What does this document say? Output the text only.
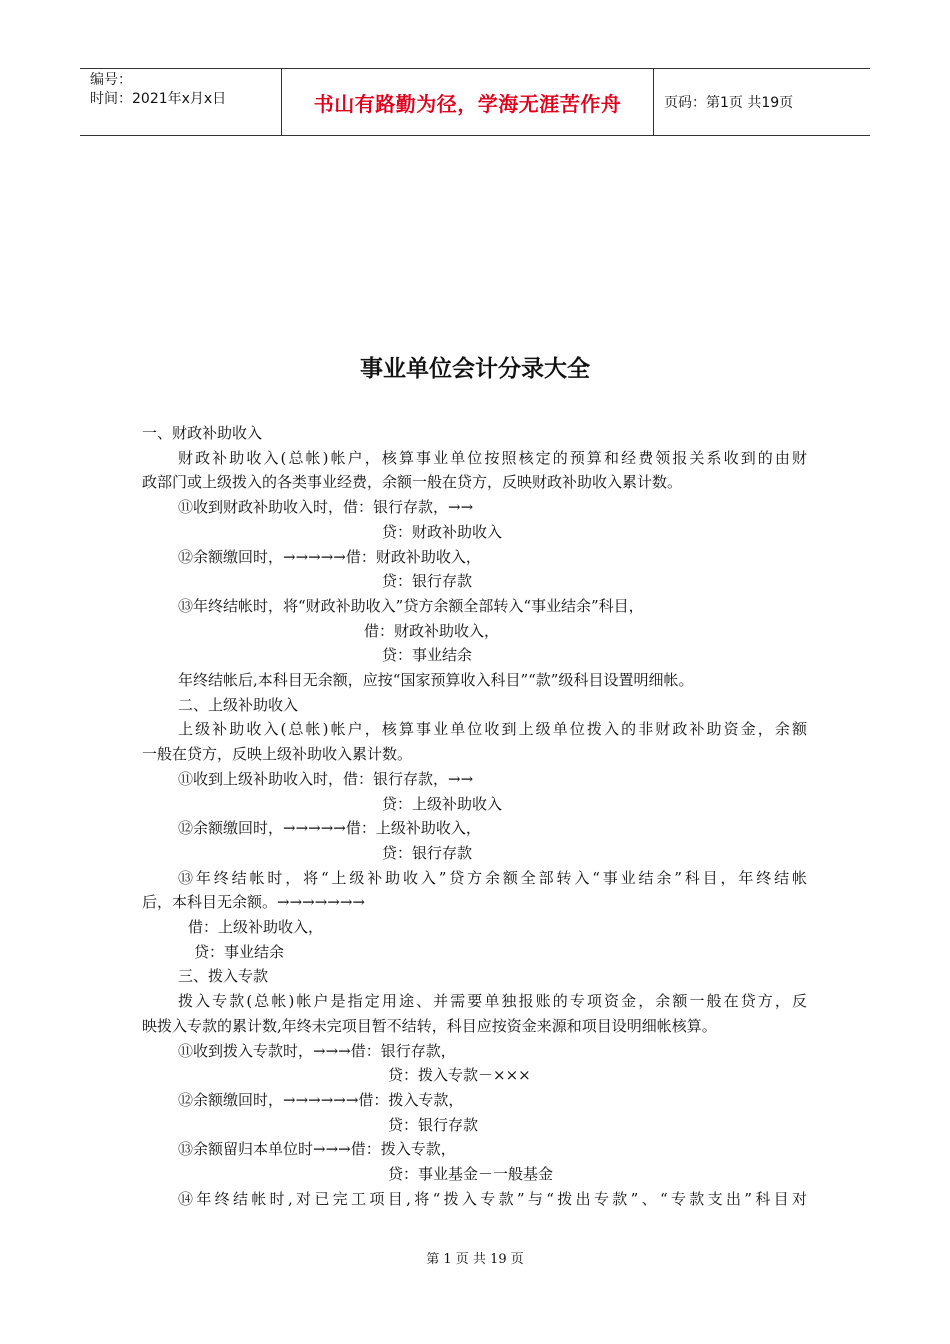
编号：
时间：2021年x月x日	书山有路勤为径，学海无涯苦作舟	页码：第1页 共19页
事业单位会计分录大全
一、财政补助收入
财政补助收入(总帐)帐户，核算事业单位按照核定的预算和经费领报关系收到的由财
政部门或上级拨入的各类事业经费，余额一般在贷方，反映财政补助收入累计数。
⑪收到财政补助收入时，借：银行存款，→→
贷：财政补助收入
⑫余额缴回时，→→→→→借：财政补助收入，
贷：银行存款
⑬年终结帐时，将“财政补助收入”贷方余额全部转入“事业结余”科目，
借：财政补助收入，
贷：事业结余
年终结帐后,本科目无余额，应按“国家预算收入科目”“款”级科目设置明细帐。
二、上级补助收入
上级补助收入(总帐)帐户，核算事业单位收到上级单位拨入的非财政补助资金，余额
一般在贷方，反映上级补助收入累计数。
⑪收到上级补助收入时，借：银行存款，→→
贷：上级补助收入
⑫余额缴回时，→→→→→借：上级补助收入，
贷：银行存款
⑬年终结帐时，将“上级补助收入”贷方余额全部转入“事业结余”科目，年终结帐
后，本科目无余额。→→→→→→→
借：上级补助收入，
贷：事业结余
三、拨入专款
拨入专款(总帐)帐户是指定用途、并需要单独报账的专项资金，余额一般在贷方，反
映拨入专款的累计数,年终未完项目暂不结转，科目应按资金来源和项目设明细帐核算。
⑪收到拨入专款时，→→→借：银行存款，
贷：拨入专款－×××
⑫余额缴回时，→→→→→→借：拨入专款，
贷：银行存款
⑬余额留归本单位时→→→借：拨入专款，
贷：事业基金－一般基金
⑭年终结帐时,对已完工项目,将“拨入专款”与“拨出专款”、“专款支出”科目对
第 1 页 共 19 页
